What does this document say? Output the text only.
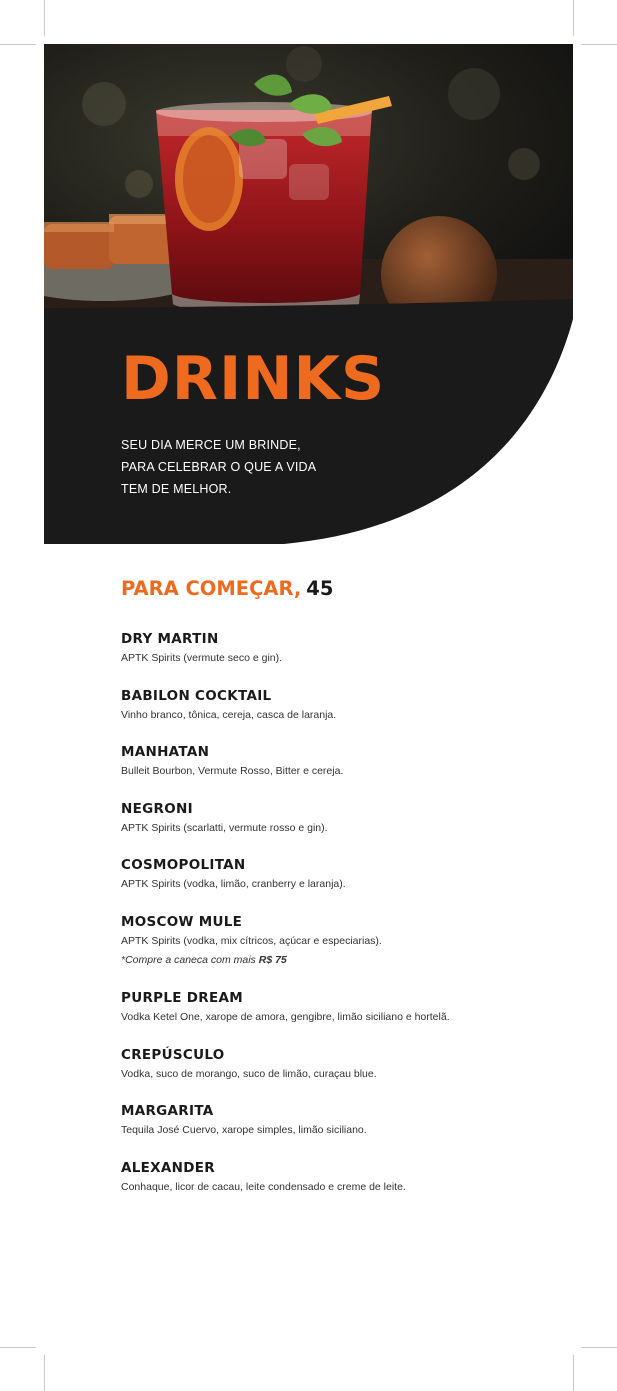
DRINKS
SEU DIA MERCE UM BRINDE,
PARA CELEBRAR O QUE A VIDA
TEM DE MELHOR.
PARA COMEÇAR, 45
DRY MARTIN
APTK Spirits (vermute seco e gin).
BABILON COCKTAIL
Vinho branco, tônica, cereja, casca de laranja.
MANHATAN
Bulleit Bourbon, Vermute Rosso, Bitter e cereja.
NEGRONI
APTK Spirits (scarlatti, vermute rosso e gin).
COSMOPOLITAN
APTK Spirits (vodka, limão, cranberry e laranja).
MOSCOW MULE
APTK Spirits (vodka, mix cítricos, açúcar e especiarias).
*Compre a caneca com mais R$ 75
PURPLE DREAM
Vodka Ketel One, xarope de amora, gengibre, limão siciliano e hortelã.
CREPÚSCULO
Vodka, suco de morango, suco de limão, curaçau blue.
MARGARITA
Tequila José Cuervo, xarope simples, limão siciliano.
ALEXANDER
Conhaque, licor de cacau, leite condensado e creme de leite.
